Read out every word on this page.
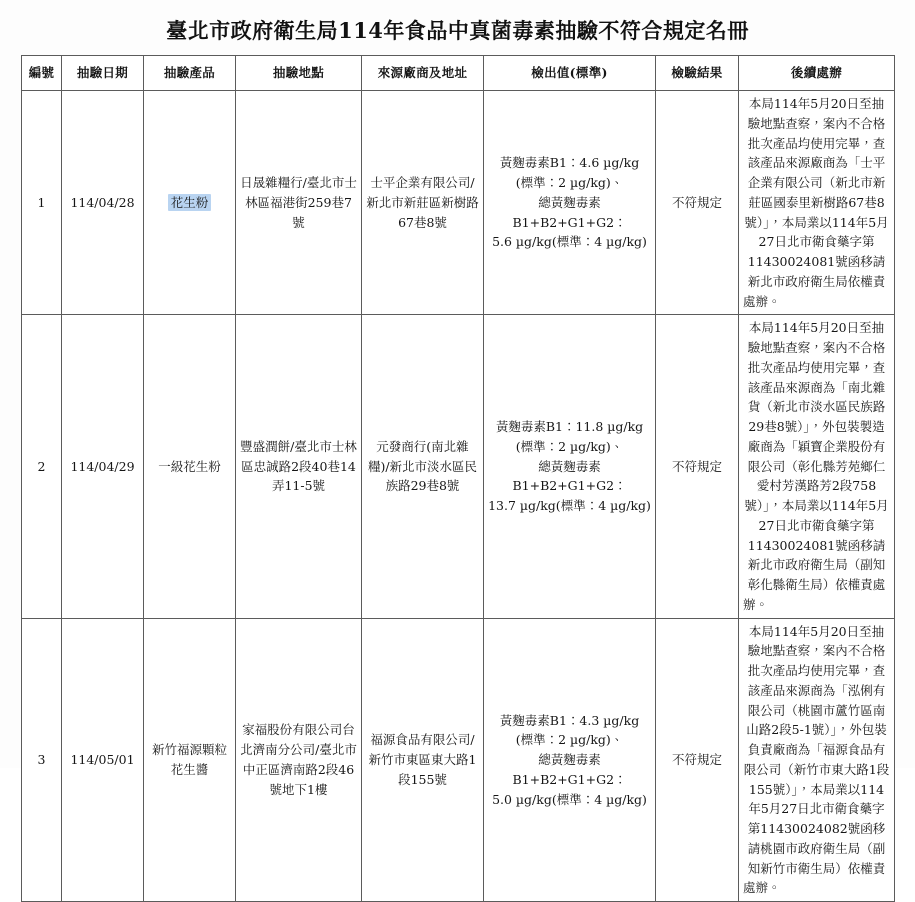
臺北市政府衛生局114年食品中真菌毒素抽驗不符合規定名冊
編號	抽驗日期	抽驗產品	抽驗地點	來源廠商及地址	檢出值(標準)	檢驗結果	後續處辦
1	114/04/28	花生粉	日晟雜糧行/臺北市士林區福港街259巷7號	士平企業有限公司/新北市新莊區新樹路67巷8號	黃麴毒素B1：4.6 µg/kg
(標準：2 µg/kg)、
總黃麴毒素B1+B2+G1+G2：
5.6 µg/kg(標準：4 µg/kg)	不符規定	本局114年5月20日至抽驗地點查察，案內不合格批次產品均使用完畢，查該產品來源廠商為「士平企業有限公司（新北市新莊區國泰里新樹路67巷8號）」，本局業以114年5月27日北市衛食藥字第11430024081號函移請新北市政府衛生局依權責處辦。
2	114/04/29	一級花生粉	豐盛潤餅/臺北市士林區忠誠路2段40巷14弄11-5號	元發商行(南北雜糧)/新北市淡水區民族路29巷8號	黃麴毒素B1：11.8 µg/kg
(標準：2 µg/kg)、
總黃麴毒素B1+B2+G1+G2：
13.7 µg/kg(標準：4 µg/kg)	不符規定	本局114年5月20日至抽驗地點查察，案內不合格批次產品均使用完畢，查該產品來源商為「南北雜貨（新北市淡水區民族路29巷8號）」，外包裝製造廠商為「穎寶企業股份有限公司（彰化縣芳苑鄉仁愛村芳漢路芳2段758號）」，本局業以114年5月27日北市衛食藥字第11430024081號函移請新北市政府衛生局（副知彰化縣衛生局）依權責處辦。
3	114/05/01	新竹福源顆粒花生醬	家福股份有限公司台北濟南分公司/臺北市中正區濟南路2段46號地下1樓	福源食品有限公司/新竹市東區東大路1段155號	黃麴毒素B1：4.3 µg/kg
(標準：2 µg/kg)、
總黃麴毒素B1+B2+G1+G2：
5.0 µg/kg(標準：4 µg/kg)	不符規定	本局114年5月20日至抽驗地點查察，案內不合格批次產品均使用完畢，查該產品來源商為「泓俐有限公司（桃園市蘆竹區南山路2段5-1號）」，外包裝負責廠商為「福源食品有限公司（新竹市東大路1段155號）」，本局業以114年5月27日北市衛食藥字第11430024082號函移請桃園市政府衛生局（副知新竹市衛生局）依權責處辦。
